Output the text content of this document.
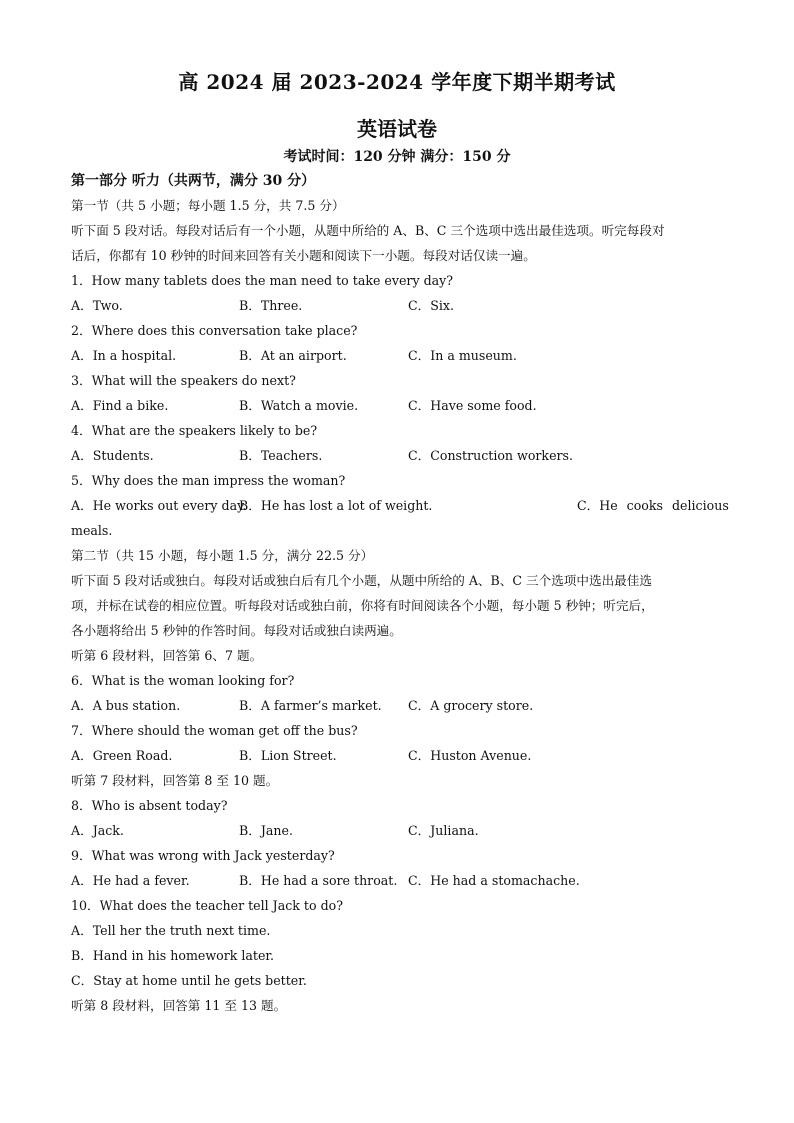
高 2024 届 2023-2024 学年度下期半期考试
英语试卷
考试时间：120 分钟 满分：150 分
第一部分 听力（共两节，满分 30 分）
第一节（共 5 小题；每小题 1.5 分，共 7.5 分）
听下面 5 段对话。每段对话后有一个小题，从题中所给的 A、B、C 三个选项中选出最佳选项。听完每段对
话后，你都有 10 秒钟的时间来回答有关小题和阅读下一小题。每段对话仅读一遍。
1．How many tablets does the man need to take every day?
A．Two.	B．Three.	C．Six.
2．Where does this conversation take place?
A．In a hospital.	B．At an airport.	C．In a museum.
3．What will the speakers do next?
A．Find a bike.	B．Watch a movie.	C．Have some food.
4．What are the speakers likely to be?
A．Students.	B．Teachers.	C．Construction workers.
5．Why does the man impress the woman?
A．He works out every day.
B．He has lost a lot of weight.	C．He cooks delicious
meals.
第二节（共 15 小题，每小题 1.5 分，满分 22.5 分）
听下面 5 段对话或独白。每段对话或独白后有几个小题，从题中所给的 A、B、C 三个选项中选出最佳选
项，并标在试卷的相应位置。听每段对话或独白前，你将有时间阅读各个小题，每小题 5 秒钟；听完后，
各小题将给出 5 秒钟的作答时间。每段对话或独白读两遍。
听第 6 段材料，回答第 6、7 题。
6．What is the woman looking for?
A．A bus station.	B．A farmer’s market. C．A grocery store.
7．Where should the woman get off the bus?
A．Green Road.	B．Lion Street.	C．Huston Avenue.
听第 7 段材料，回答第 8 至 10 题。
8．Who is absent today?
A．Jack.	B．Jane.	C．Juliana.
9．What was wrong with Jack yesterday?
A．He had a fever.	B．He had a sore throat. C．He had a stomachache.
10．What does the teacher tell Jack to do?
A．Tell her the truth next time.
B．Hand in his homework later.
C．Stay at home until he gets better.
听第 8 段材料，回答第 11 至 13 题。
